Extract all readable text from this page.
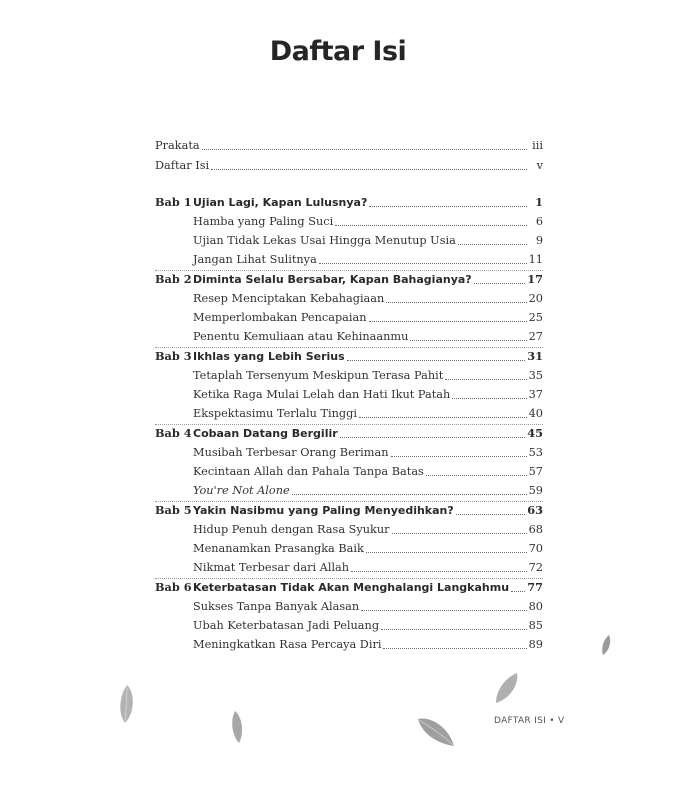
Daftar Isi
Prakata	iii
Daftar Isi	v
Bab 1 Ujian Lagi, Kapan Lulusnya?	1
Hamba yang Paling Suci	6
Ujian Tidak Lekas Usai Hingga Menutup Usia	9
Jangan Lihat Sulitnya	11
Bab 2 Diminta Selalu Bersabar, Kapan Bahagianya?	17
Resep Menciptakan Kebahagiaan	20
Memperlombakan Pencapaian	25
Penentu Kemuliaan atau Kehinaanmu	27
Bab 3 Ikhlas yang Lebih Serius	31
Tetaplah Tersenyum Meskipun Terasa Pahit	35
Ketika Raga Mulai Lelah dan Hati Ikut Patah	37
Ekspektasimu Terlalu Tinggi	40
Bab 4 Cobaan Datang Bergilir	45
Musibah Terbesar Orang Beriman	53
Kecintaan Allah dan Pahala Tanpa Batas	57
You're Not Alone	59
Bab 5 Yakin Nasibmu yang Paling Menyedihkan?	63
Hidup Penuh dengan Rasa Syukur	68
Menanamkan Prasangka Baik	70
Nikmat Terbesar dari Allah	72
Bab 6 Keterbatasan Tidak Akan Menghalangi Langkahmu 77
Sukses Tanpa Banyak Alasan	80
Ubah Keterbatasan Jadi Peluang	85
Meningkatkan Rasa Percaya Diri	89
DAFTAR ISI • V
